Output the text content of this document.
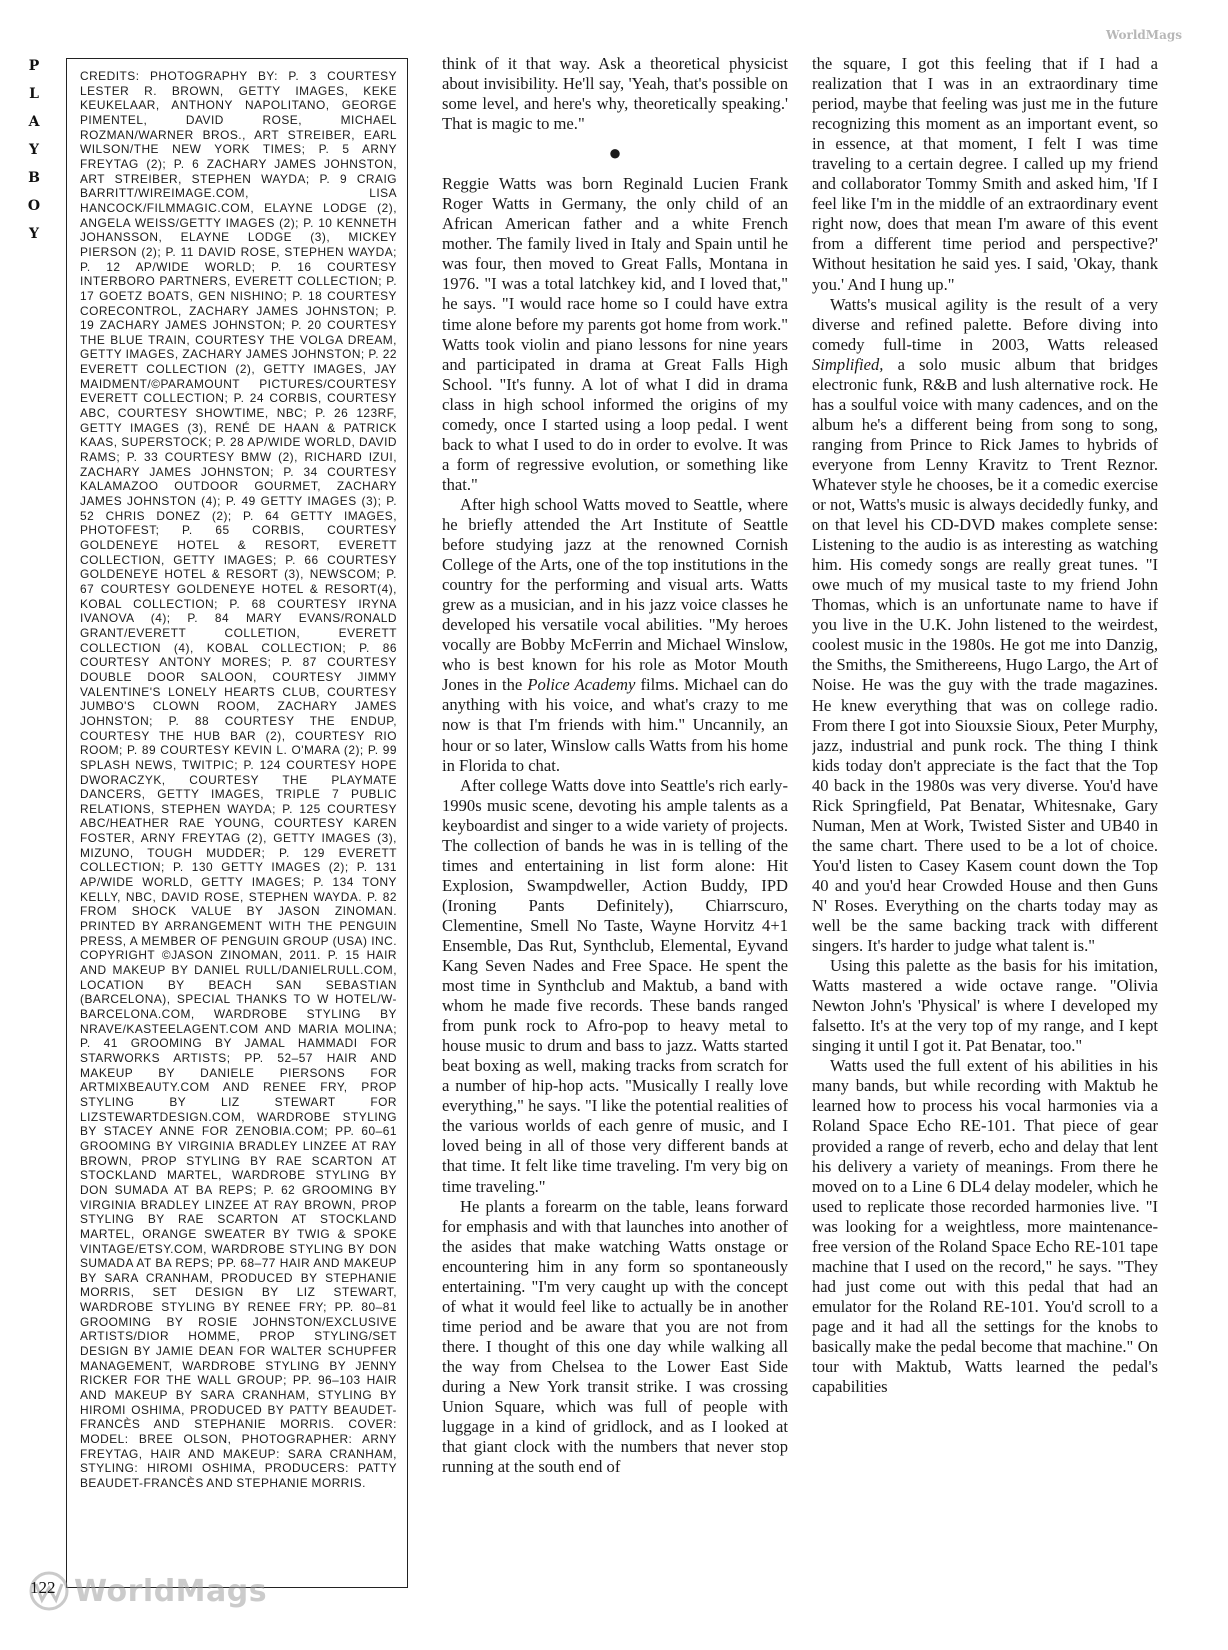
P
L
A
Y
B
O
Y
WorldMags

CREDITS: PHOTOGRAPHY BY: P. 3 COURTESY LESTER R. BROWN, GETTY IMAGES, KEKE KEUKELAAR, ANTHONY NAPOLITANO, GEORGE PIMENTEL, DAVID ROSE, MICHAEL ROZMAN/WARNER BROS., ART STREIBER, EARL WILSON/THE NEW YORK TIMES; P. 5 ARNY FREYTAG (2); P. 6 ZACHARY JAMES JOHNSTON, ART STREIBER, STEPHEN WAYDA; P. 9 CRAIG BARRITT/WIREIMAGE.COM, LISA HANCOCK/FILMMAGIC.COM, ELAYNE LODGE (2), ANGELA WEISS/GETTY IMAGES (2); P. 10 KENNETH JOHANSSON, ELAYNE LODGE (3), MICKEY PIERSON (2); P. 11 DAVID ROSE, STEPHEN WAYDA; P. 12 AP/WIDE WORLD; P. 16 COURTESY INTERBORO PARTNERS, EVERETT COLLECTION; P. 17 GOETZ BOATS, GEN NISHINO; P. 18 COURTESY CORECONTROL, ZACHARY JAMES JOHNSTON; P. 19 ZACHARY JAMES JOHNSTON; P. 20 COURTESY THE BLUE TRAIN, COURTESY THE VOLGA DREAM, GETTY IMAGES, ZACHARY JAMES JOHNSTON; P. 22 EVERETT COLLECTION (2), GETTY IMAGES, JAY MAIDMENT/©PARAMOUNT PICTURES/COURTESY EVERETT COLLECTION; P. 24 CORBIS, COURTESY ABC, COURTESY SHOWTIME, NBC; P. 26 123RF, GETTY IMAGES (3), RENÉ DE HAAN & PATRICK KAAS, SUPERSTOCK; P. 28 AP/WIDE WORLD, DAVID RAMS; P. 33 COURTESY BMW (2), RICHARD IZUI, ZACHARY JAMES JOHNSTON; P. 34 COURTESY KALAMAZOO OUTDOOR GOURMET, ZACHARY JAMES JOHNSTON (4); P. 49 GETTY IMAGES (3); P. 52 CHRIS DONEZ (2); P. 64 GETTY IMAGES, PHOTOFEST; P. 65 CORBIS, COURTESY GOLDENEYE HOTEL & RESORT, EVERETT COLLECTION, GETTY IMAGES; P. 66 COURTESY GOLDENEYE HOTEL & RESORT (3), NEWSCOM; P. 67 COURTESY GOLDENEYE HOTEL & RESORT(4), KOBAL COLLECTION; P. 68 COURTESY IRYNA IVANOVA (4); P. 84 MARY EVANS/RONALD GRANT/EVERETT COLLETION, EVERETT COLLECTION (4), KOBAL COLLECTION; P. 86 COURTESY ANTONY MORES; P. 87 COURTESY DOUBLE DOOR SALOON, COURTESY JIMMY VALENTINE'S LONELY HEARTS CLUB, COURTESY JUMBO'S CLOWN ROOM, ZACHARY JAMES JOHNSTON; P. 88 COURTESY THE ENDUP, COURTESY THE HUB BAR (2), COURTESY RIO ROOM; P. 89 COURTESY KEVIN L. O'MARA (2); P. 99 SPLASH NEWS, TWITPIC; P. 124 COURTESY HOPE DWORACZYK, COURTESY THE PLAYMATE DANCERS, GETTY IMAGES, TRIPLE 7 PUBLIC RELATIONS, STEPHEN WAYDA; P. 125 COURTESY ABC/HEATHER RAE YOUNG, COURTESY KAREN FOSTER, ARNY FREYTAG (2), GETTY IMAGES (3), MIZUNO, TOUGH MUDDER; P. 129 EVERETT COLLECTION; P. 130 GETTY IMAGES (2); P. 131 AP/WIDE WORLD, GETTY IMAGES; P. 134 TONY KELLY, NBC, DAVID ROSE, STEPHEN WAYDA. P. 82 FROM SHOCK VALUE BY JASON ZINOMAN. PRINTED BY ARRANGEMENT WITH THE PENGUIN PRESS, A MEMBER OF PENGUIN GROUP (USA) INC. COPYRIGHT ©JASON ZINOMAN, 2011. P. 15 HAIR AND MAKEUP BY DANIEL RULL/DANIELRULL.COM, LOCATION BY BEACH SAN SEBASTIAN (BARCELONA), SPECIAL THANKS TO W HOTEL/W-BARCELONA.COM, WARDROBE STYLING BY NRAVE/KASTEELAGENT.COM AND MARIA MOLINA; P. 41 GROOMING BY JAMAL HAMMADI FOR STARWORKS ARTISTS; PP. 52–57 HAIR AND MAKEUP BY DANIELE PIERSONS FOR ARTMIXBEAUTY.COM AND RENEE FRY, PROP STYLING BY LIZ STEWART FOR LIZSTEWARTDESIGN.COM, WARDROBE STYLING BY STACEY ANNE FOR ZENOBIA.COM; PP. 60–61 GROOMING BY VIRGINIA BRADLEY LINZEE AT RAY BROWN, PROP STYLING BY RAE SCARTON AT STOCKLAND MARTEL, WARDROBE STYLING BY DON SUMADA AT BA REPS; P. 62 GROOMING BY VIRGINIA BRADLEY LINZEE AT RAY BROWN, PROP STYLING BY RAE SCARTON AT STOCKLAND MARTEL, ORANGE SWEATER BY TWIG & SPOKE VINTAGE/ETSY.COM, WARDROBE STYLING BY DON SUMADA AT BA REPS; PP. 68–77 HAIR AND MAKEUP BY SARA CRANHAM, PRODUCED BY STEPHANIE MORRIS, SET DESIGN BY LIZ STEWART, WARDROBE STYLING BY RENEE FRY; PP. 80–81 GROOMING BY ROSIE JOHNSTON/EXCLUSIVE ARTISTS/DIOR HOMME, PROP STYLING/SET DESIGN BY JAMIE DEAN FOR WALTER SCHUPFER MANAGEMENT, WARDROBE STYLING BY JENNY RICKER FOR THE WALL GROUP; PP. 96–103 HAIR AND MAKEUP BY SARA CRANHAM, STYLING BY HIROMI OSHIMA, PRODUCED BY PATTY BEAUDET-FRANCÈS AND STEPHANIE MORRIS. COVER: MODEL: BREE OLSON, PHOTOGRAPHER: ARNY FREYTAG, HAIR AND MAKEUP: SARA CRANHAM, STYLING: HIROMI OSHIMA, PRODUCERS: PATTY BEAUDET-FRANCÈS AND STEPHANIE MORRIS.

think of it that way. Ask a theoretical physicist about invisibility. He'll say, 'Yeah, that's possible on some level, and here's why, theoretically speaking.' That is magic to me."

●

Reggie Watts was born Reginald Lucien Frank Roger Watts in Germany, the only child of an African American father and a white French mother. The family lived in Italy and Spain until he was four, then moved to Great Falls, Montana in 1976. "I was a total latchkey kid, and I loved that," he says. "I would race home so I could have extra time alone before my parents got home from work." Watts took violin and piano lessons for nine years and participated in drama at Great Falls High School. "It's funny. A lot of what I did in drama class in high school informed the origins of my comedy, once I started using a loop pedal. I went back to what I used to do in order to evolve. It was a form of regressive evolution, or something like that."

After high school Watts moved to Seattle, where he briefly attended the Art Institute of Seattle before studying jazz at the renowned Cornish College of the Arts, one of the top institutions in the country for the performing and visual arts. Watts grew as a musician, and in his jazz voice classes he developed his versatile vocal abilities. "My heroes vocally are Bobby McFerrin and Michael Winslow, who is best known for his role as Motor Mouth Jones in the Police Academy films. Michael can do anything with his voice, and what's crazy to me now is that I'm friends with him." Uncannily, an hour or so later, Winslow calls Watts from his home in Florida to chat.

After college Watts dove into Seattle's rich early-1990s music scene, devoting his ample talents as a keyboardist and singer to a wide variety of projects. The collection of bands he was in is telling of the times and entertaining in list form alone: Hit Explosion, Swampdweller, Action Buddy, IPD (Ironing Pants Definitely), Chiarrscuro, Clementine, Smell No Taste, Wayne Horvitz 4+1 Ensemble, Das Rut, Synthclub, Elemental, Eyvand Kang Seven Nades and Free Space. He spent the most time in Synthclub and Maktub, a band with whom he made five records. These bands ranged from punk rock to Afro-pop to heavy metal to house music to drum and bass to jazz. Watts started beat boxing as well, making tracks from scratch for a number of hip-hop acts. "Musically I really love everything," he says. "I like the potential realities of the various worlds of each genre of music, and I loved being in all of those very different bands at that time. It felt like time traveling. I'm very big on time traveling."

He plants a forearm on the table, leans forward for emphasis and with that launches into another of the asides that make watching Watts onstage or encountering him in any form so spontaneously entertaining. "I'm very caught up with the concept of what it would feel like to actually be in another time period and be aware that you are not from there. I thought of this one day while walking all the way from Chelsea to the Lower East Side during a New York transit strike. I was crossing Union Square, which was full of people with luggage in a kind of gridlock, and as I looked at that giant clock with the numbers that never stop running at the south end of

the square, I got this feeling that if I had a realization that I was in an extraordinary time period, maybe that feeling was just me in the future recognizing this moment as an important event, so in essence, at that moment, I felt I was time traveling to a certain degree. I called up my friend and collaborator Tommy Smith and asked him, 'If I feel like I'm in the middle of an extraordinary event right now, does that mean I'm aware of this event from a different time period and perspective?' Without hesitation he said yes. I said, 'Okay, thank you.' And I hung up."

Watts's musical agility is the result of a very diverse and refined palette. Before diving into comedy full-time in 2003, Watts released Simplified, a solo music album that bridges electronic funk, R&B and lush alternative rock. He has a soulful voice with many cadences, and on the album he's a different being from song to song, ranging from Prince to Rick James to hybrids of everyone from Lenny Kravitz to Trent Reznor. Whatever style he chooses, be it a comedic exercise or not, Watts's music is always decidedly funky, and on that level his CD-DVD makes complete sense: Listening to the audio is as interesting as watching him. His comedy songs are really great tunes. "I owe much of my musical taste to my friend John Thomas, which is an unfortunate name to have if you live in the U.K. John listened to the weirdest, coolest music in the 1980s. He got me into Danzig, the Smiths, the Smithereens, Hugo Largo, the Art of Noise. He was the guy with the trade magazines. He knew everything that was on college radio. From there I got into Siouxsie Sioux, Peter Murphy, jazz, industrial and punk rock. The thing I think kids today don't appreciate is the fact that the Top 40 back in the 1980s was very diverse. You'd have Rick Springfield, Pat Benatar, Whitesnake, Gary Numan, Men at Work, Twisted Sister and UB40 in the same chart. There used to be a lot of choice. You'd listen to Casey Kasem count down the Top 40 and you'd hear Crowded House and then Guns N' Roses. Everything on the charts today may as well be the same backing track with different singers. It's harder to judge what talent is."

Using this palette as the basis for his imitation, Watts mastered a wide octave range. "Olivia Newton John's 'Physical' is where I developed my falsetto. It's at the very top of my range, and I kept singing it until I got it. Pat Benatar, too."

Watts used the full extent of his abilities in his many bands, but while recording with Maktub he learned how to process his vocal harmonies via a Roland Space Echo RE-101. That piece of gear provided a range of reverb, echo and delay that lent his delivery a variety of meanings. From there he moved on to a Line 6 DL4 delay modeler, which he used to replicate those recorded harmonies live. "I was looking for a weightless, more maintenance-free version of the Roland Space Echo RE-101 tape machine that I used on the record," he says. "They had just come out with this pedal that had an emulator for the Roland RE-101. You'd scroll to a page and it had all the settings for the knobs to basically make the pedal become that machine." On tour with Maktub, Watts learned the pedal's capabilities

WorldMags
122
